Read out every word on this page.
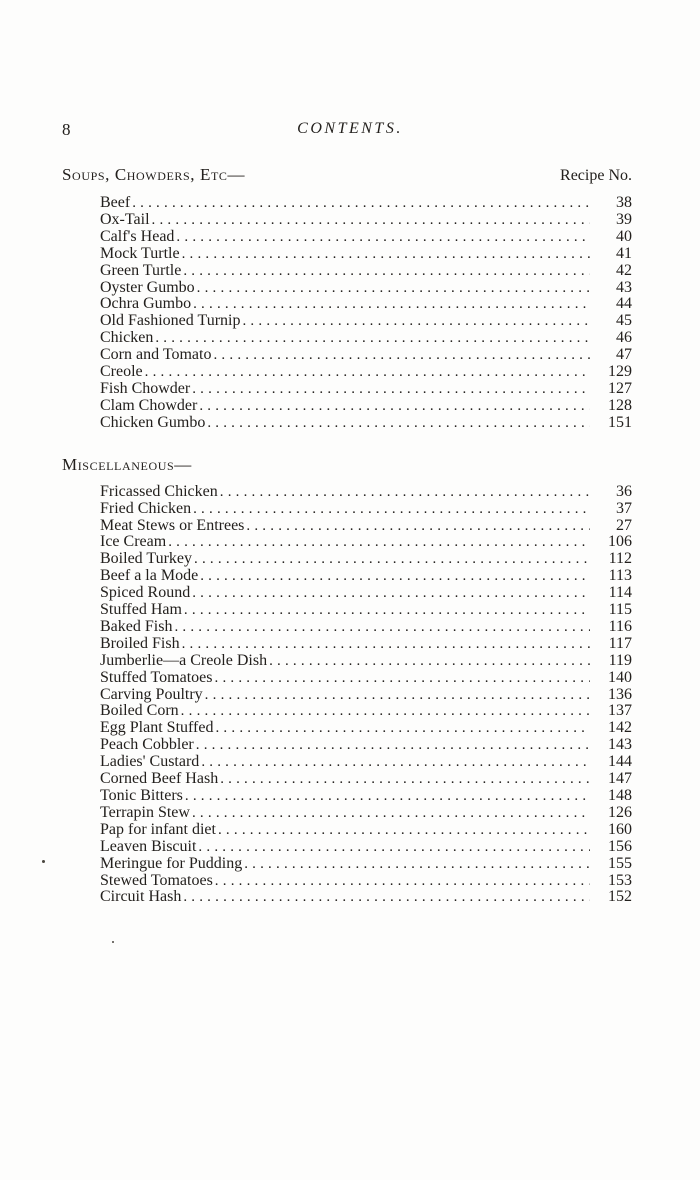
8	CONTENTS.
Soups, Chowders, Etc—	Recipe No.
Beef .....	38
Ox-Tail .....	39
Calf's Head .....	40
Mock Turtle .....	41
Green Turtle .....	42
Oyster Gumbo .....	43
Ochra Gumbo .....	44
Old Fashioned Turnip .....	45
Chicken .....	46
Corn and Tomato .....	47
Creole .....	129
Fish Chowder .....	127
Clam Chowder .....	128
Chicken Gumbo .....	151
Miscellaneous—
Fricassed Chicken .....	36
Fried Chicken .....	37
Meat Stews or Entrees .....	27
Ice Cream .....	106
Boiled Turkey .....	112
Beef a la Mode .....	113
Spiced Round .....	114
Stuffed Ham .....	115
Baked Fish .....	116
Broiled Fish .....	117
Jumberlie—a Creole Dish .....	119
Stuffed Tomatoes .....	140
Carving Poultry .....	136
Boiled Corn .....	137
Egg Plant Stuffed .....	142
Peach Cobbler .....	143
Ladies' Custard .....	144
Corned Beef Hash .....	147
Tonic Bitters .....	148
Terrapin Stew .....	126
Pap for infant diet .....	160
Leaven Biscuit .....	156
Meringue for Pudding .....	155
Stewed Tomatoes .....	153
Circuit Hash .....	152
